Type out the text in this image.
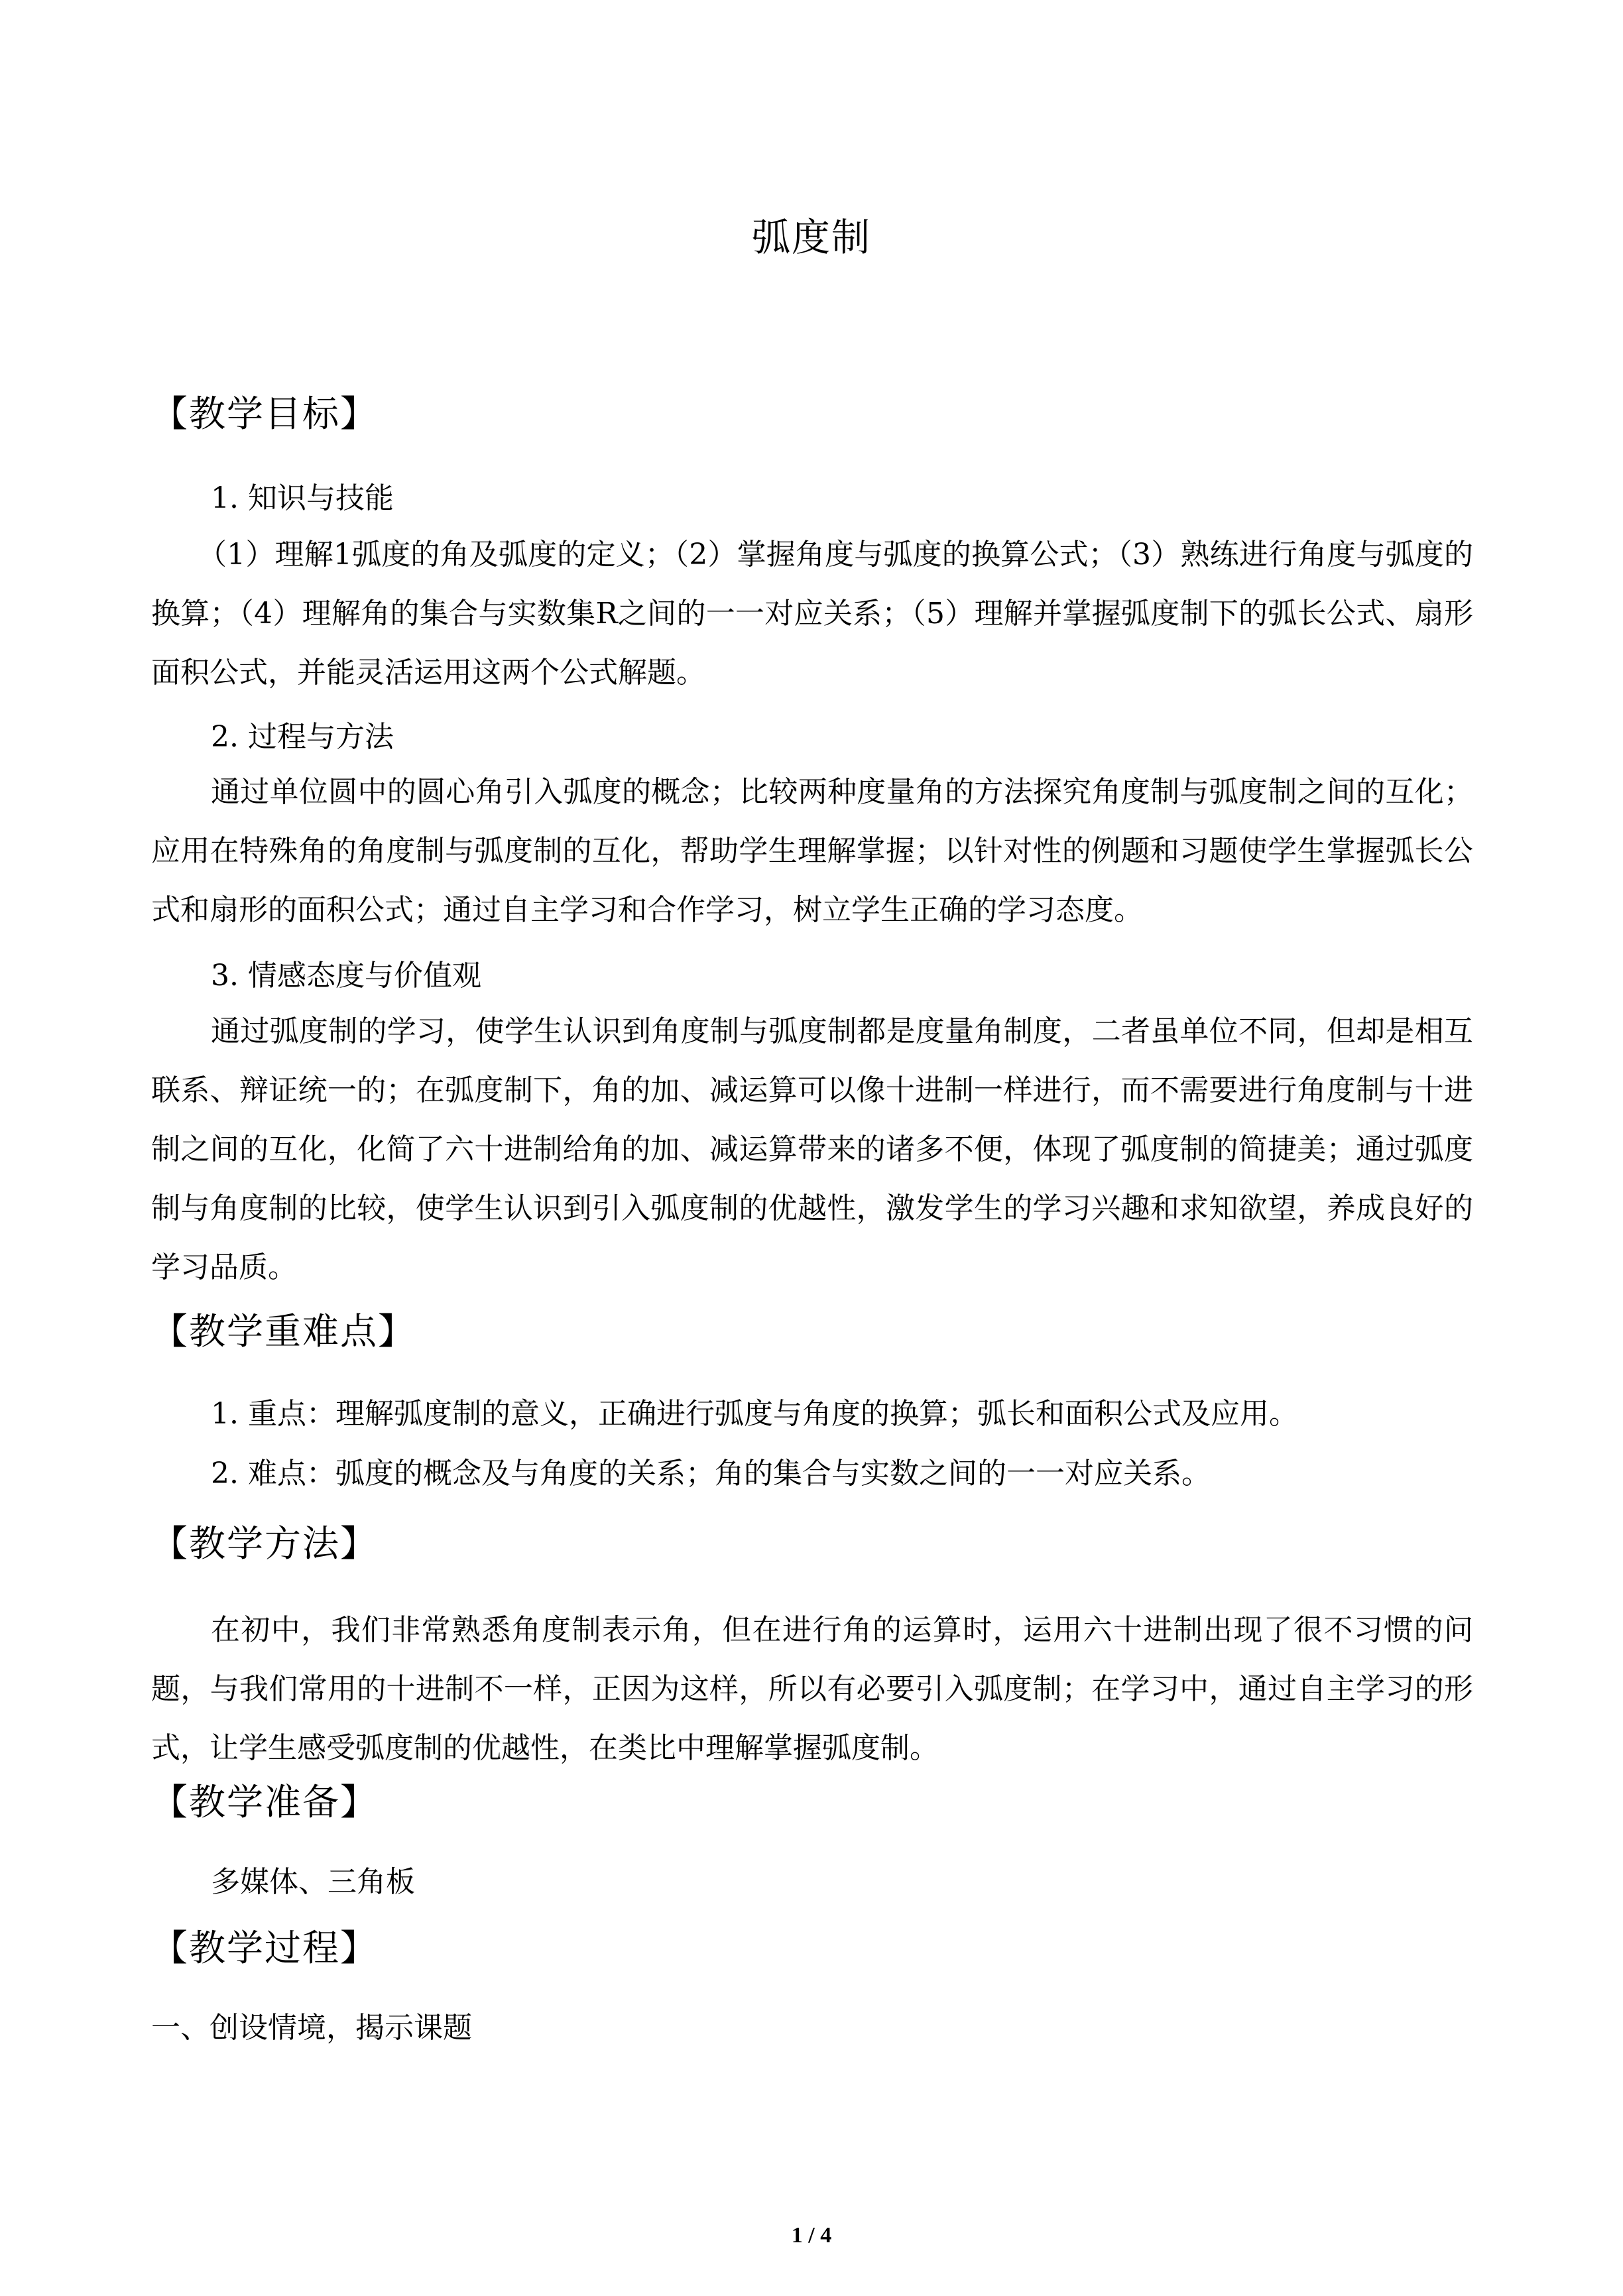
弧度制
【教学目标】
1. 知识与技能
（1）理解1弧度的角及弧度的定义；（2）掌握角度与弧度的换算公式；（3）熟练进行角度与弧度的换算；（4）理解角的集合与实数集R之间的一一对应关系；（5）理解并掌握弧度制下的弧长公式、扇形面积公式，并能灵活运用这两个公式解题。
2. 过程与方法
通过单位圆中的圆心角引入弧度的概念；比较两种度量角的方法探究角度制与弧度制之间的互化；应用在特殊角的角度制与弧度制的互化，帮助学生理解掌握；以针对性的例题和习题使学生掌握弧长公式和扇形的面积公式；通过自主学习和合作学习，树立学生正确的学习态度。
3. 情感态度与价值观
通过弧度制的学习，使学生认识到角度制与弧度制都是度量角制度，二者虽单位不同，但却是相互联系、辩证统一的；在弧度制下，角的加、减运算可以像十进制一样进行，而不需要进行角度制与十进制之间的互化，化简了六十进制给角的加、减运算带来的诸多不便，体现了弧度制的简捷美；通过弧度制与角度制的比较，使学生认识到引入弧度制的优越性，激发学生的学习兴趣和求知欲望，养成良好的学习品质。
【教学重难点】
1. 重点：理解弧度制的意义，正确进行弧度与角度的换算；弧长和面积公式及应用。
2. 难点：弧度的概念及与角度的关系；角的集合与实数之间的一一对应关系。
【教学方法】
在初中，我们非常熟悉角度制表示角，但在进行角的运算时，运用六十进制出现了很不习惯的问题，与我们常用的十进制不一样，正因为这样，所以有必要引入弧度制；在学习中，通过自主学习的形式，让学生感受弧度制的优越性，在类比中理解掌握弧度制。
【教学准备】
多媒体、三角板
【教学过程】
一、创设情境，揭示课题
1 / 4
